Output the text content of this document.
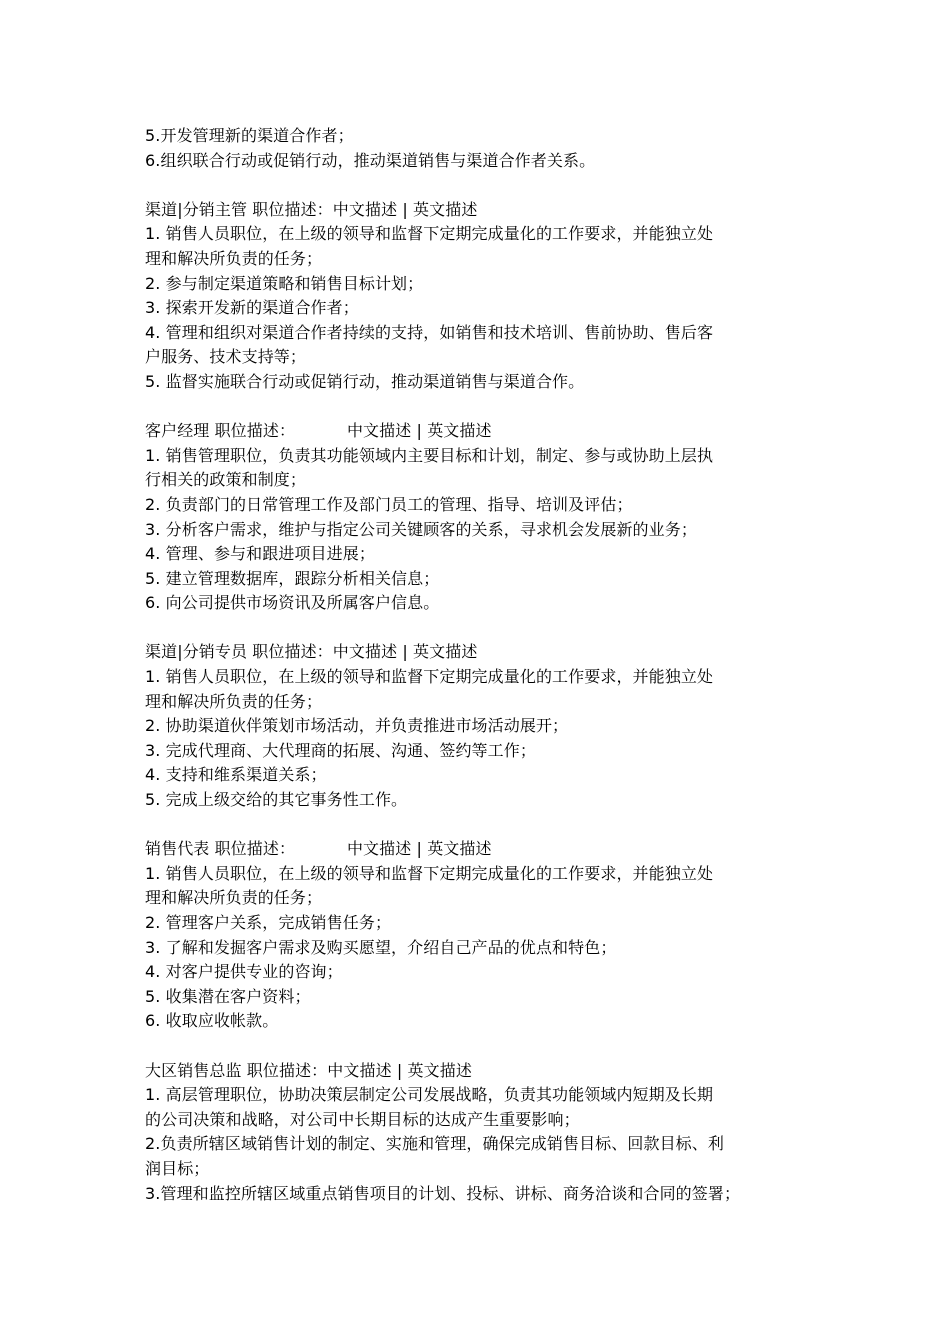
5.开发管理新的渠道合作者；
6.组织联合行动或促销行动，推动渠道销售与渠道合作者关系。
渠道|分销主管 职位描述：中文描述 | 英文描述
1. 销售人员职位，在上级的领导和监督下定期完成量化的工作要求，并能独立处
理和解决所负责的任务；
2. 参与制定渠道策略和销售目标计划；
3. 探索开发新的渠道合作者；
4. 管理和组织对渠道合作者持续的支持，如销售和技术培训、售前协助、售后客
户服务、技术支持等；
5. 监督实施联合行动或促销行动，推动渠道销售与渠道合作。
客户经理 职位描述：          中文描述 | 英文描述
1. 销售管理职位，负责其功能领域内主要目标和计划，制定、参与或协助上层执
行相关的政策和制度；
2. 负责部门的日常管理工作及部门员工的管理、指导、培训及评估；
3. 分析客户需求，维护与指定公司关键顾客的关系，寻求机会发展新的业务；
4. 管理、参与和跟进项目进展；
5. 建立管理数据库，跟踪分析相关信息；
6. 向公司提供市场资讯及所属客户信息。
渠道|分销专员 职位描述：中文描述 | 英文描述
1. 销售人员职位，在上级的领导和监督下定期完成量化的工作要求，并能独立处
理和解决所负责的任务；
2. 协助渠道伙伴策划市场活动，并负责推进市场活动展开；
3. 完成代理商、大代理商的拓展、沟通、签约等工作；
4. 支持和维系渠道关系；
5. 完成上级交给的其它事务性工作。
销售代表 职位描述：          中文描述 | 英文描述
1. 销售人员职位，在上级的领导和监督下定期完成量化的工作要求，并能独立处
理和解决所负责的任务；
2. 管理客户关系，完成销售任务；
3. 了解和发掘客户需求及购买愿望，介绍自己产品的优点和特色；
4. 对客户提供专业的咨询；
5. 收集潜在客户资料；
6. 收取应收帐款。
大区销售总监 职位描述：中文描述 | 英文描述
1. 高层管理职位，协助决策层制定公司发展战略，负责其功能领域内短期及长期
的公司决策和战略，对公司中长期目标的达成产生重要影响；
2.负责所辖区域销售计划的制定、实施和管理，确保完成销售目标、回款目标、利
润目标；
3.管理和监控所辖区域重点销售项目的计划、投标、讲标、商务洽谈和合同的签署；
